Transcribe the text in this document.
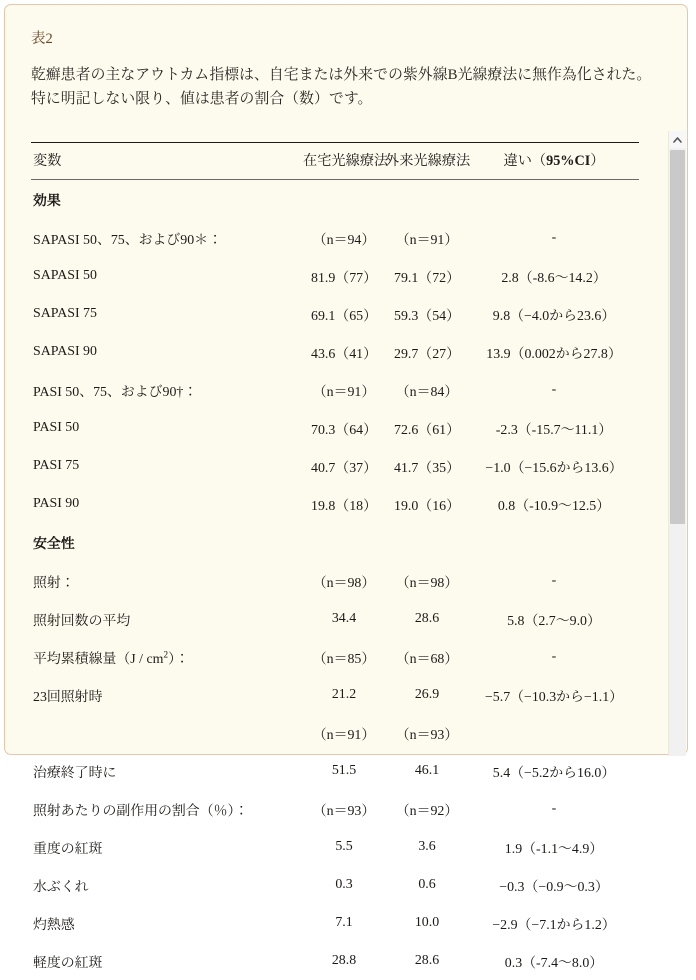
表2

乾癬患者の主なアウトカム指標は、自宅または外来での紫外線B光線療法に無作為化された。 特に明記しない限り、値は患者の割合（数）です。

変数	在宅光線療法	外来光線療法	違い（95%CI）
効果			
SAPASI 50、75、および90＊：	（n＝94）	（n＝91）	-
SAPASI 50	81.9（77）	79.1（72）	2.8（‐8.6〜14.2）
SAPASI 75	69.1（65）	59.3（54）	9.8（−4.0から23.6）
SAPASI 90	43.6（41）	29.7（27）	13.9（0.002から27.8）
PASI 50、75、および90†：	（n＝91）	（n＝84）	-
PASI 50	70.3（64）	72.6（61）	-2.3（‐15.7〜11.1）
PASI 75	40.7（37）	41.7（35）	−1.0（−15.6から13.6）
PASI 90	19.8（18）	19.0（16）	0.8（‐10.9〜12.5）
安全性			
照射：	（n＝98）	（n＝98）	-
照射回数の平均	34.4	28.6	5.8（2.7〜9.0）
平均累積線量$(J / cm^2)$：	（n＝85）	（n＝68）	-
23回照射時	21.2	26.9	−5.7（−10.3から−1.1）
	（n＝91）	（n＝93）	
治療終了時に	51.5	46.1	5.4（−5.2から16.0）
照射あたりの副作用の割合（％）：	（n＝93）	（n＝92）	-
重度の紅斑	5.5	3.6	1.9（-1.1〜4.9）
水ぶくれ	0.3	0.6	−0.3（−0.9〜0.3）
灼熱感	7.1	10.0	−2.9（−7.1から1.2）
軽度の紅斑	28.8	28.6	0.3（-7.4〜8.0）
